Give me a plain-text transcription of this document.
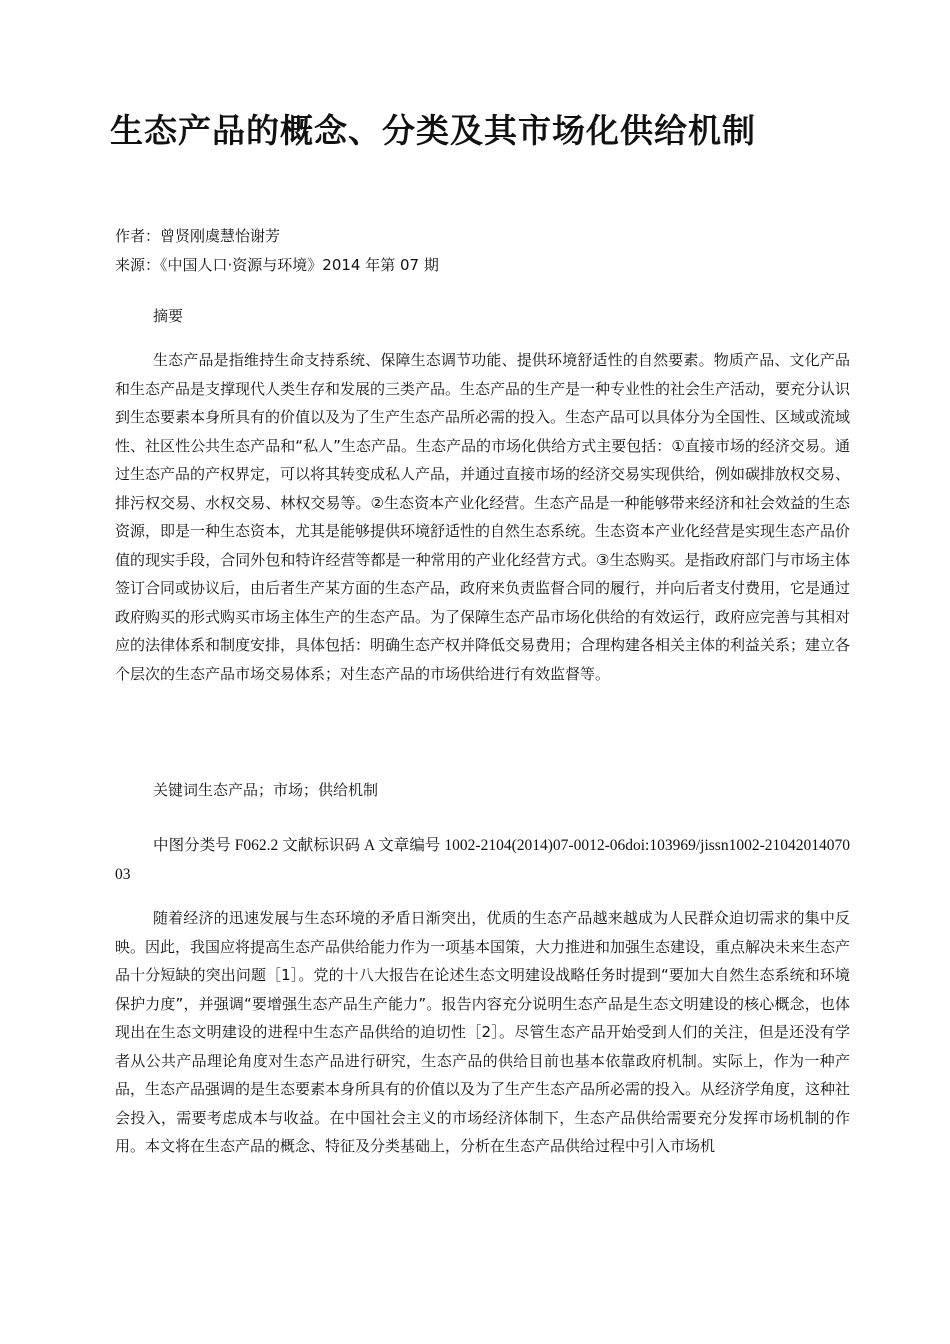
生态产品的概念、分类及其市场化供给机制

作者：曾贤刚虞慧怡谢芳

来源：《中国人口·资源与环境》2014 年第 07 期

摘要

生态产品是指维持生命支持系统、保障生态调节功能、提供环境舒适性的自然要素。物质产品、文化产品和生态产品是支撑现代人类生存和发展的三类产品。生态产品的生产是一种专业性的社会生产活动，要充分认识到生态要素本身所具有的价值以及为了生产生态产品所必需的投入。生态产品可以具体分为全国性、区域或流域性、社区性公共生态产品和“私人”生态产品。生态产品的市场化供给方式主要包括：①直接市场的经济交易。通过生态产品的产权界定，可以将其转变成私人产品，并通过直接市场的经济交易实现供给，例如碳排放权交易、排污权交易、水权交易、林权交易等。②生态资本产业化经营。生态产品是一种能够带来经济和社会效益的生态资源，即是一种生态资本，尤其是能够提供环境舒适性的自然生态系统。生态资本产业化经营是实现生态产品价值的现实手段，合同外包和特许经营等都是一种常用的产业化经营方式。③生态购买。是指政府部门与市场主体签订合同或协议后，由后者生产某方面的生态产品，政府来负责监督合同的履行，并向后者支付费用，它是通过政府购买的形式购买市场主体生产的生态产品。为了保障生态产品市场化供给的有效运行，政府应完善与其相对应的法律体系和制度安排，具体包括：明确生态产权并降低交易费用；合理构建各相关主体的利益关系；建立各个层次的生态产品市场交易体系；对生态产品的市场供给进行有效监督等。

关键词生态产品；市场；供给机制

中图分类号 F062.2 文献标识码 A 文章编号 1002-2104(2014)07-0012-06doi:103969/jissn1002-2104201407003

随着经济的迅速发展与生态环境的矛盾日渐突出，优质的生态产品越来越成为人民群众迫切需求的集中反映。因此，我国应将提高生态产品供给能力作为一项基本国策，大力推进和加强生态建设，重点解决未来生态产品十分短缺的突出问题［1］。党的十八大报告在论述生态文明建设战略任务时提到“要加大自然生态系统和环境保护力度”，并强调“要增强生态产品生产能力”。报告内容充分说明生态产品是生态文明建设的核心概念，也体现出在生态文明建设的进程中生态产品供给的迫切性［2］。尽管生态产品开始受到人们的关注，但是还没有学者从公共产品理论角度对生态产品进行研究，生态产品的供给目前也基本依靠政府机制。实际上，作为一种产品，生态产品强调的是生态要素本身所具有的价值以及为了生产生态产品所必需的投入。从经济学角度，这种社会投入，需要考虑成本与收益。在中国社会主义的市场经济体制下，生态产品供给需要充分发挥市场机制的作用。本文将在生态产品的概念、特征及分类基础上，分析在生态产品供给过程中引入市场机
